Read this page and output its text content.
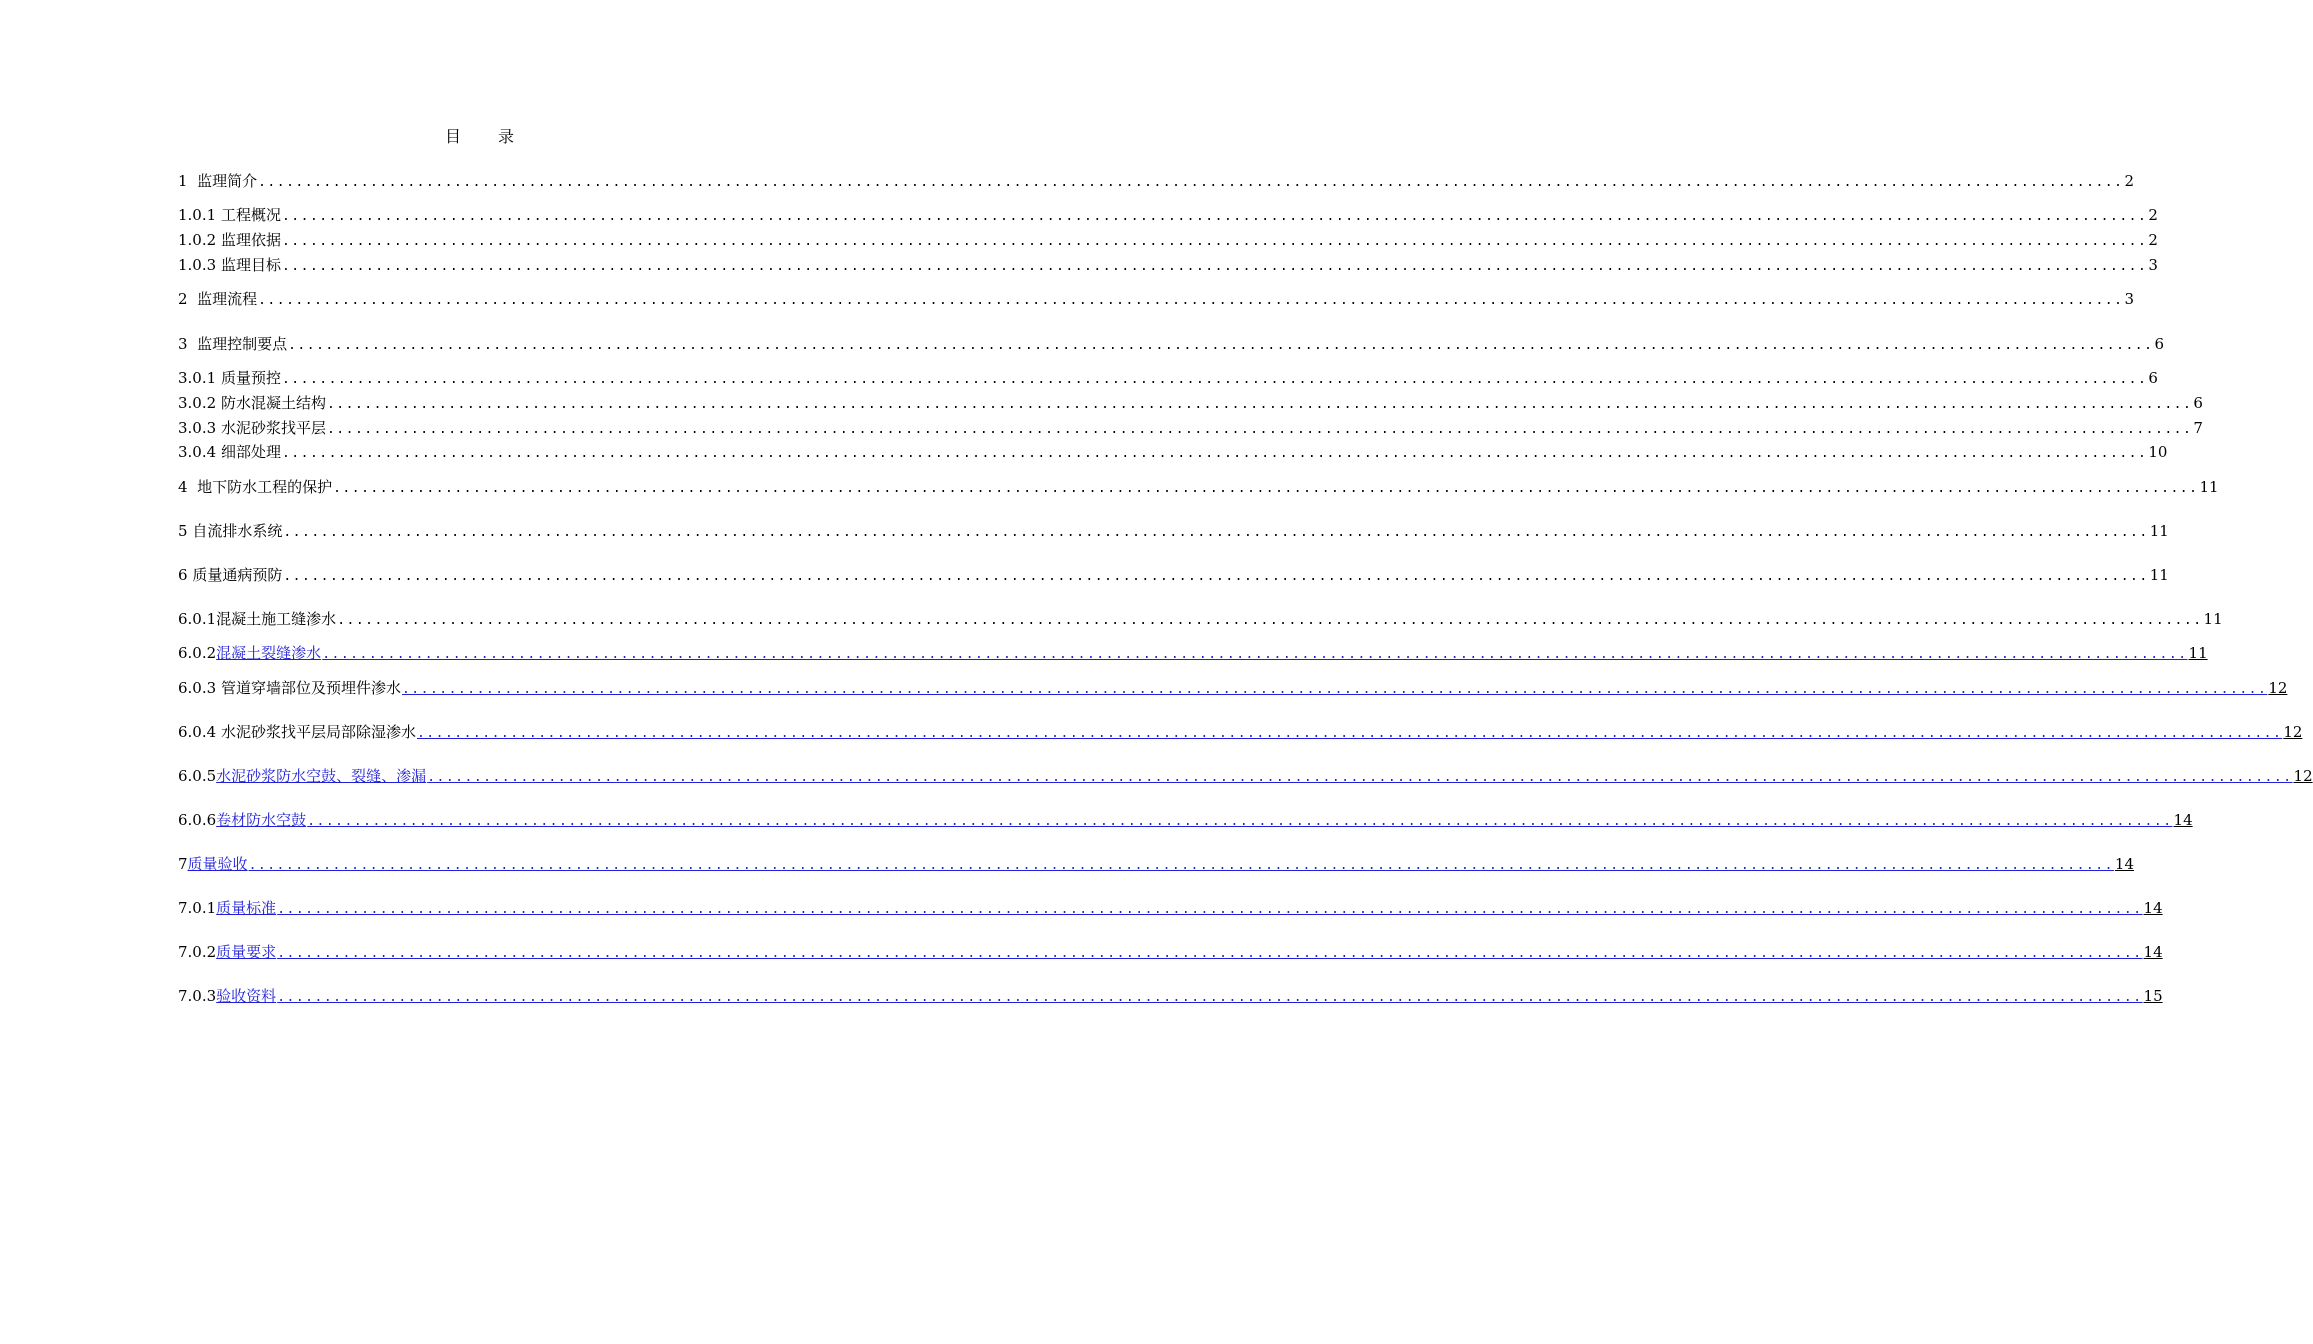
目 录
1 监理简介 ........................................................................................................................................................................................................ 2
1.0.1 工程概况 ........................................................................................................................................................................................................ 2
1.0.2 监理依据 ........................................................................................................................................................................................................ 2
1.0.3 监理目标 ........................................................................................................................................................................................................ 3
2 监理流程 ........................................................................................................................................................................................................ 3
3 监理控制要点 ........................................................................................................................................................................................................ 6
3.0.1 质量预控 ........................................................................................................................................................................................................ 6
3.0.2 防水混凝土结构 ........................................................................................................................................................................................................ 6
3.0.3 水泥砂浆找平层 ........................................................................................................................................................................................................ 7
3.0.4 细部处理 ........................................................................................................................................................................................................ 10
4 地下防水工程的保护 ........................................................................................................................................................................................................ 11
5 自流排水系统 ........................................................................................................................................................................................................ 11
6 质量通病预防 ........................................................................................................................................................................................................ 11
6.0.1混凝土施工缝渗水 ........................................................................................................................................................................................................ 11
6.0.2混凝土裂缝渗水 ........................................................................................................................................................................................................ 11
6.0.3 管道穿墙部位及预埋件渗水 ........................................................................................................................................................................................................ 12
6.0.4 水泥砂浆找平层局部除湿渗水 ........................................................................................................................................................................................................ 12
6.0.5水泥砂浆防水空鼓、裂缝、渗漏 ........................................................................................................................................................................................................ 12
6.0.6卷材防水空鼓 ........................................................................................................................................................................................................ 14
7质量验收 ........................................................................................................................................................................................................ 14
7.0.1质量标准 ........................................................................................................................................................................................................ 14
7.0.2质量要求 ........................................................................................................................................................................................................ 14
7.0.3验收资料 ........................................................................................................................................................................................................ 15
